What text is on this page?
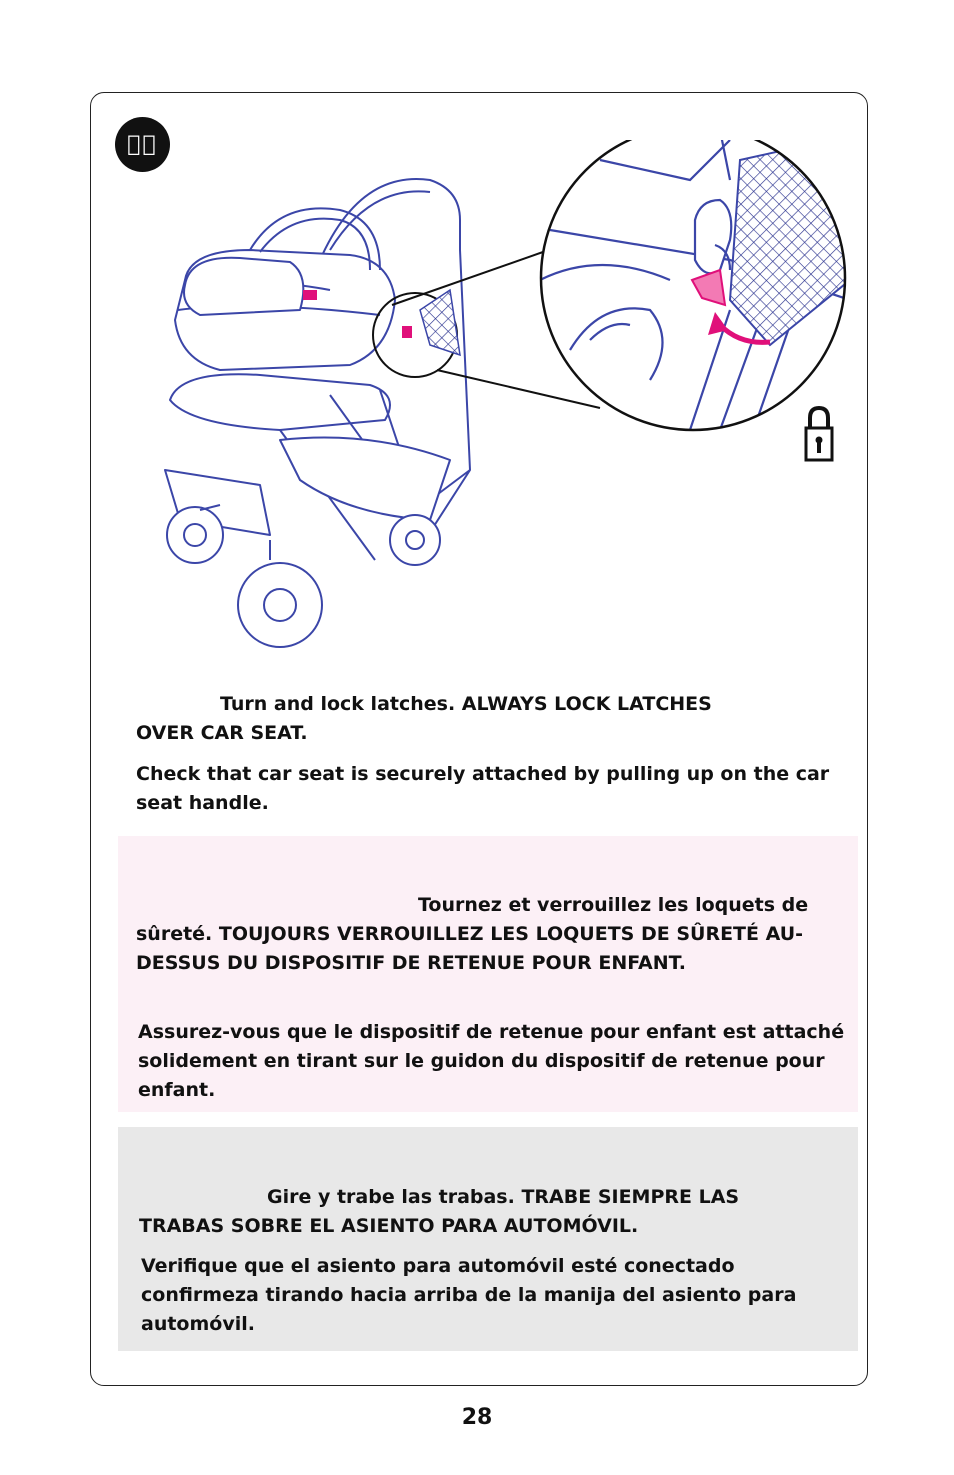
Turn and lock latches. ALWAYS LOCK LATCHES OVER CAR SEAT.

Check that car seat is securely attached by pulling up on the car seat handle.

Tournez et verrouillez les loquets de sûreté. TOUJOURS VERROUILLEZ LES LOQUETS DE SÛRETÉ AU-DESSUS DU DISPOSITIF DE RETENUE POUR ENFANT.

Assurez-vous que le dispositif de retenue pour enfant est attaché solidement en tirant sur le guidon du dispositif de retenue pour enfant.

Gire y trabe las trabas. TRABE SIEMPRE LAS TRABAS SOBRE EL ASIENTO PARA AUTOMÓVIL.

Verifique que el asiento para automóvil esté conectado confirmeza tirando hacia arriba de la manija del asiento para automóvil.

28
